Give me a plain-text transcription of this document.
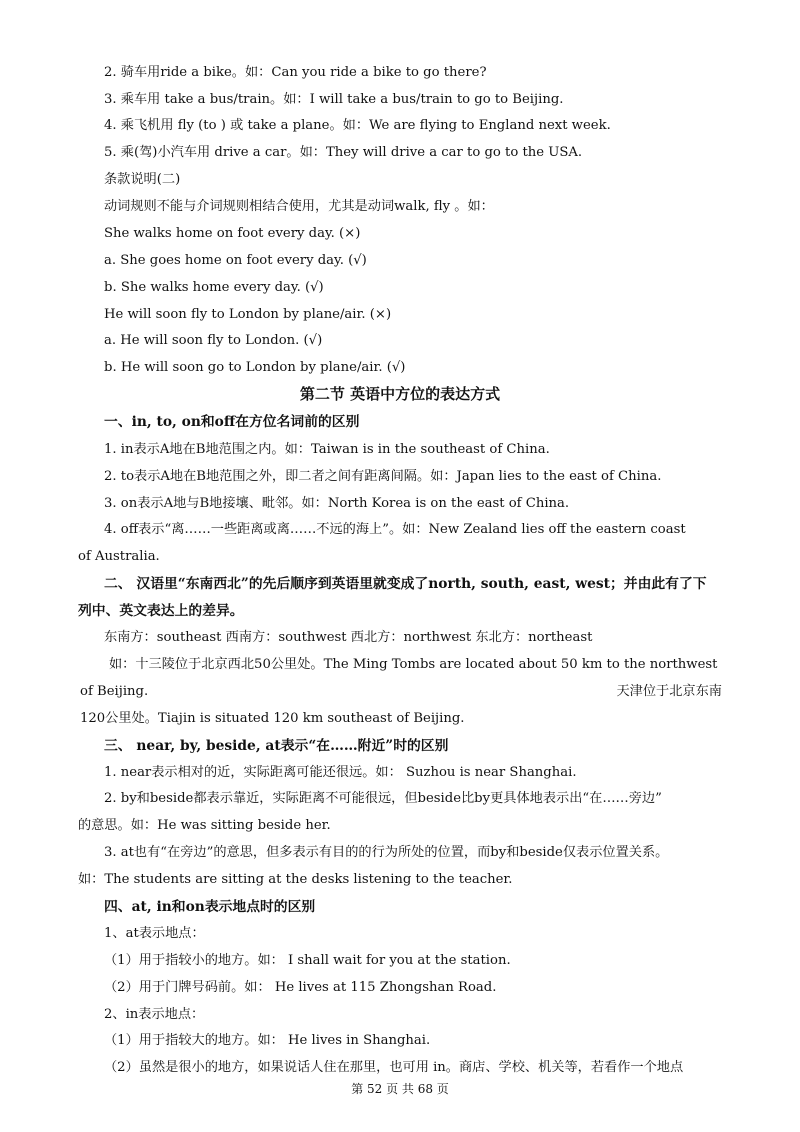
2. 骑车用ride a bike。如：Can you ride a bike to go there?
3. 乘车用 take a bus/train。如：I will take a bus/train to go to Beijing.
4. 乘飞机用 fly (to ) 或 take a plane。如：We are flying to England next week.
5. 乘(驾)小汽车用 drive a car。如：They will drive a car to go to the USA.
条款说明(二)
动词规则不能与介词规则相结合使用，尤其是动词walk, fly 。如：
She walks home on foot every day. (×)
a. She goes home on foot every day. (√)
b. She walks home every day. (√)
He will soon fly to London by plane/air. (×)
a. He will soon fly to London. (√)
b. He will soon go to London by plane/air. (√)
第二节 英语中方位的表达方式
一、in, to, on和off在方位名词前的区别
1. in表示A地在B地范围之内。如：Taiwan is in the southeast of China.
2. to表示A地在B地范围之外，即二者之间有距离间隔。如：Japan lies to the east of China.
3. on表示A地与B地接壤、毗邻。如：North Korea is on the east of China.
4. off表示“离……一些距离或离……不远的海上”。如：New Zealand lies off the eastern coast
of Australia.
二、 汉语里“东南西北”的先后顺序到英语里就变成了north, south, east, west；并由此有了下
列中、英文表达上的差异。
东南方：southeast 西南方：southwest 西北方：northwest 东北方：northeast
如：十三陵位于北京西北50公里处。The Ming Tombs are located about 50 km to the northwest
of Beijing.	天津位于北京东南
120公里处。Tiajin is situated 120 km southeast of Beijing.
三、 near, by, beside, at表示“在……附近”时的区别
1. near表示相对的近，实际距离可能还很远。如： Suzhou is near Shanghai.
2. by和beside都表示靠近，实际距离不可能很远，但beside比by更具体地表示出“在……旁边”
的意思。如：He was sitting beside her.
3. at也有“在旁边”的意思，但多表示有目的的行为所处的位置，而by和beside仅表示位置关系。
如：The students are sitting at the desks listening to the teacher.
四、at, in和on表示地点时的区别
1、at表示地点：
（1）用于指较小的地方。如： I shall wait for you at the station.
（2）用于门牌号码前。如： He lives at 115 Zhongshan Road.
2、in表示地点：
（1）用于指较大的地方。如： He lives in Shanghai.
（2）虽然是很小的地方，如果说话人住在那里，也可用 in。商店、学校、机关等，若看作一个地点
第 52 页 共 68 页
